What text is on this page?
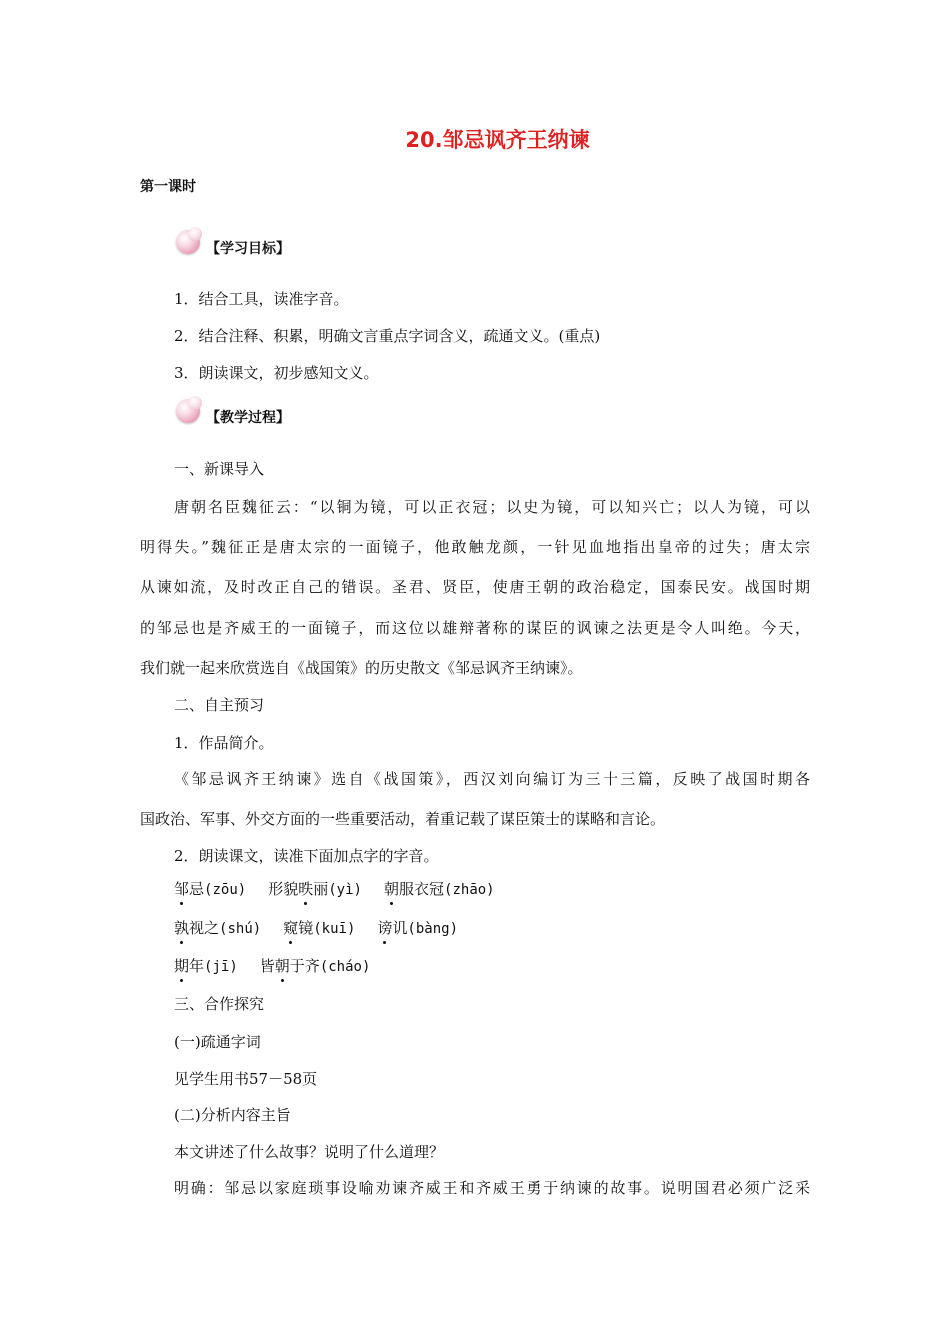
20.邹忌讽齐王纳谏
第一课时
【学习目标】
1．结合工具，读准字音。
2．结合注释、积累，明确文言重点字词含义，疏通文义。(重点)
3．朗读课文，初步感知文义。
【教学过程】
一、新课导入
唐朝名臣魏征云：“以铜为镜，可以正衣冠；以史为镜，可以知兴亡；以人为镜，可以
明得失。”魏征正是唐太宗的一面镜子，他敢触龙颜，一针见血地指出皇帝的过失；唐太宗
从谏如流，及时改正自己的错误。圣君、贤臣，使唐王朝的政治稳定，国泰民安。战国时期
的邹忌也是齐威王的一面镜子，而这位以雄辩著称的谋臣的讽谏之法更是令人叫绝。今天，
我们就一起来欣赏选自《战国策》的历史散文《邹忌讽齐王纳谏》。
二、自主预习
1．作品简介。
《邹忌讽齐王纳谏》选自《战国策》，西汉刘向编订为三十三篇，反映了战国时期各
国政治、军事、外交方面的一些重要活动，着重记载了谋臣策士的谋略和言论。
2．朗读课文，读准下面加点字的字音。
邹忌(zōu) 形貌昳丽(yì) 朝服衣冠(zhāo)
孰视之(shú) 窥镜(kuī) 谤讥(bàng)
期年(jī) 皆朝于齐(cháo)
三、合作探究
(一)疏通字词
见学生用书57－58页
(二)分析内容主旨
本文讲述了什么故事？说明了什么道理？
明确：邹忌以家庭琐事设喻劝谏齐威王和齐威王勇于纳谏的故事。说明国君必须广泛采
